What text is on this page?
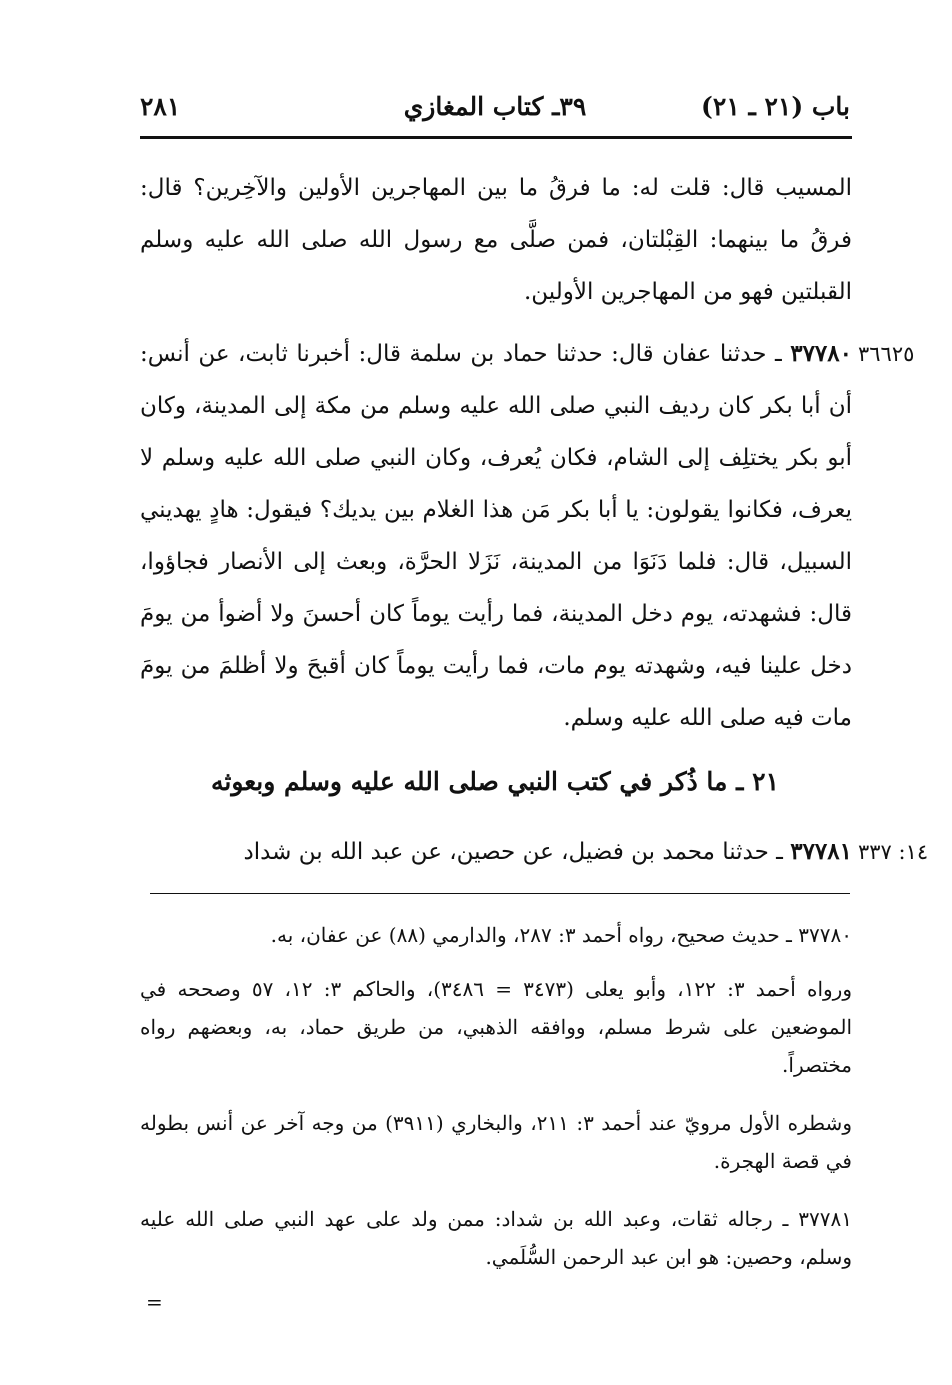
باب (٢١ ـ ٢١)
٣٩ـ كتاب المغازي
٢٨١

المسيب قال: قلت له: ما فرقُ ما بين المهاجرين الأولين والآخِرين؟ قال: فرقُ ما بينهما: القِبْلتان، فمن صلَّى مع رسول الله صلى الله عليه وسلم القبلتين فهو من المهاجرين الأولين.

٣٦٦٢٥

٣٧٧٨٠ ـ حدثنا عفان قال: حدثنا حماد بن سلمة قال: أخبرنا ثابت، عن أنس: أن أبا بكر كان رديف النبي صلى الله عليه وسلم من مكة إلى المدينة، وكان أبو بكر يختلِف إلى الشام، فكان يُعرف، وكان النبي صلى الله عليه وسلم لا يعرف، فكانوا يقولون: يا أبا بكر مَن هذا الغلام بين يديك؟ فيقول: هادٍ يهديني السبيل، قال: فلما دَنَوَا من المدينة، نَزَلا الحرَّة، وبعث إلى الأنصار فجاؤوا، قال: فشهدته، يوم دخل المدينة، فما رأيت يوماً كان أحسنَ ولا أضوأ من يومَ دخل علينا فيه، وشهدته يوم مات، فما رأيت يوماً كان أقبحَ ولا أظلمَ من يومَ مات فيه صلى الله عليه وسلم.

٢١ ـ ما ذُكر في كتب النبي صلى الله عليه وسلم وبعوثه
١٤: ٣٣٧

٣٧٧٨١ ـ حدثنا محمد بن فضيل، عن حصين، عن عبد الله بن شداد

٣٧٧٨٠ ـ حديث صحيح، رواه أحمد ٣: ٢٨٧، والدارمي (٨٨) عن عفان، به.

ورواه أحمد ٣: ١٢٢، وأبو يعلى (٣٤٧٣ = ٣٤٨٦)، والحاكم ٣: ١٢، ٥٧ وصححه في الموضعين على شرط مسلم، ووافقه الذهبي، من طريق حماد، به، وبعضهم رواه مختصراً.

وشطره الأول مرويّ عند أحمد ٣: ٢١١، والبخاري (٣٩١١) من وجه آخر عن أنس بطوله في قصة الهجرة.

٣٧٧٨١ ـ رجاله ثقات، وعبد الله بن شداد: ممن ولد على عهد النبي صلى الله عليه وسلم، وحصين: هو ابن عبد الرحمن السُّلَمي.

=
